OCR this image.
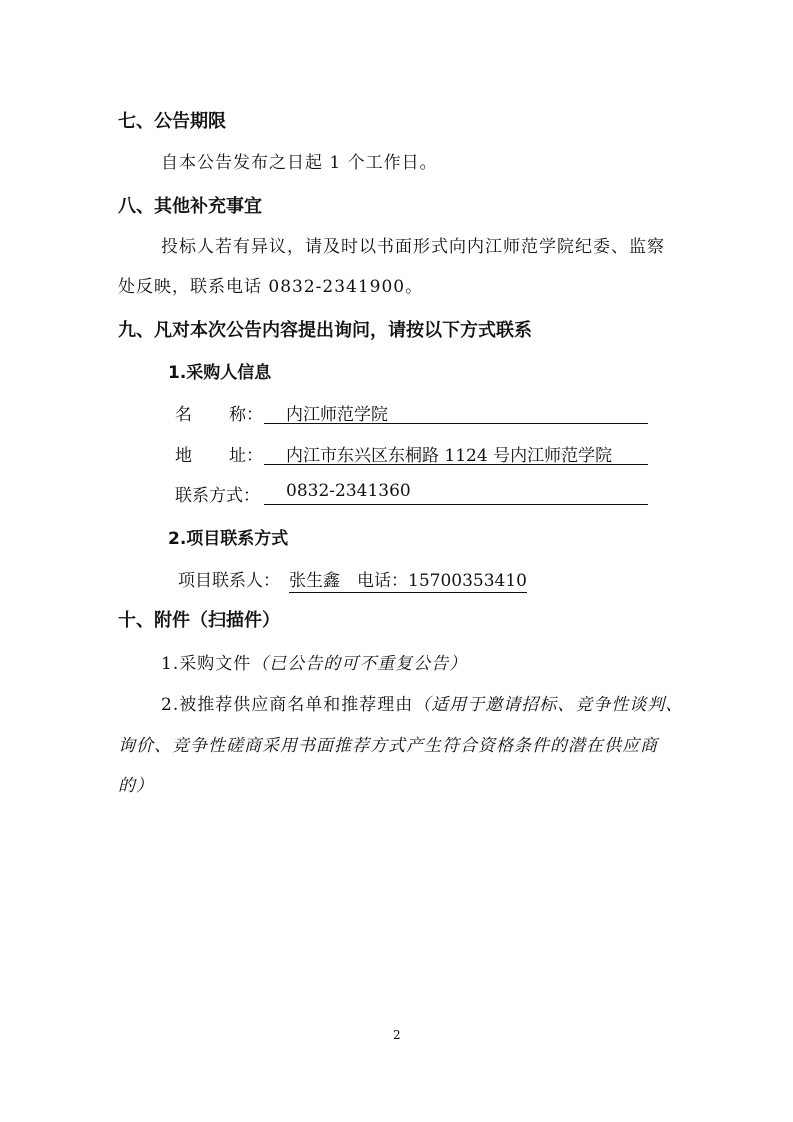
七、公告期限
自本公告发布之日起 1 个工作日。
八、其他补充事宜
投标人若有异议，请及时以书面形式向内江师范学院纪委、监察
处反映，联系电话 0832-2341900。
九、凡对本次公告内容提出询问，请按以下方式联系
1.采购人信息
名 称： 内江师范学院
地 址： 内江市东兴区东桐路 1124 号内江师范学院
联系方式： 0832-2341360
2.项目联系方式
项目联系人： 张生鑫　电话：15700353410
十、附件（扫描件）
1.采购文件（已公告的可不重复公告）
2.被推荐供应商名单和推荐理由（适用于邀请招标、竞争性谈判、
询价、竞争性磋商采用书面推荐方式产生符合资格条件的潜在供应商
的）
2
